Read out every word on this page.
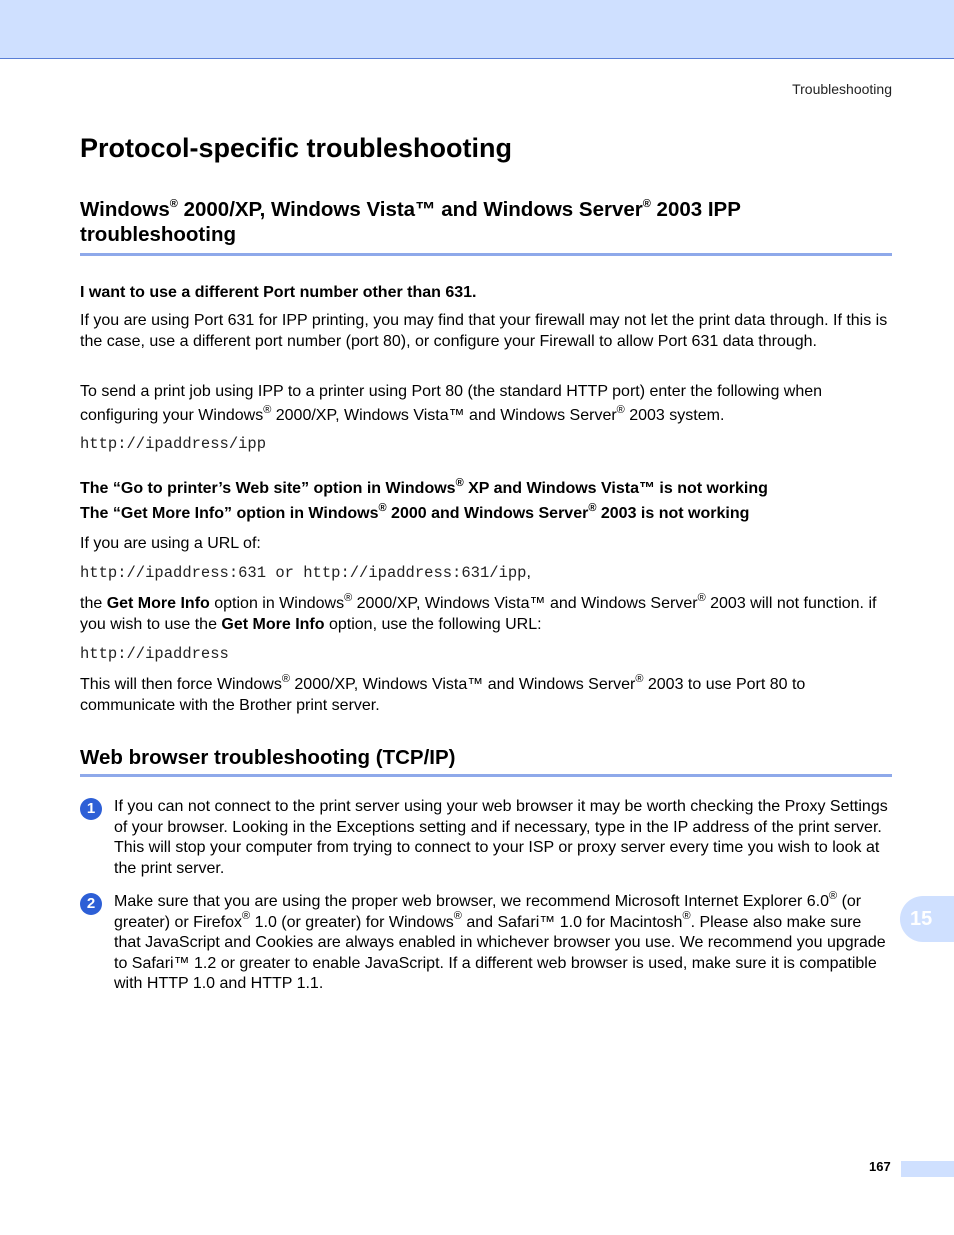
Troubleshooting
Protocol-specific troubleshooting
Windows® 2000/XP, Windows Vista™ and Windows Server® 2003 IPP troubleshooting

I want to use a different Port number other than 631.

If you are using Port 631 for IPP printing, you may find that your firewall may not let the print data through. If this is the case, use a different port number (port 80), or configure your Firewall to allow Port 631 data through.

To send a print job using IPP to a printer using Port 80 (the standard HTTP port) enter the following when configuring your Windows® 2000/XP, Windows Vista™ and Windows Server® 2003 system.

http://ipaddress/ipp

The “Go to printer’s Web site” option in Windows® XP and Windows Vista™ is not working

The “Get More Info” option in Windows® 2000 and Windows Server® 2003 is not working

If you are using a URL of:

http://ipaddress:631 or http://ipaddress:631/ipp,

the Get More Info option in Windows® 2000/XP, Windows Vista™ and Windows Server® 2003 will not function. if you wish to use the Get More Info option, use the following URL:

http://ipaddress

This will then force Windows® 2000/XP, Windows Vista™ and Windows Server® 2003 to use Port 80 to communicate with the Brother print server.

Web browser troubleshooting (TCP/IP)
1	If you can not connect to the print server using your web browser it may be worth checking the Proxy Settings of your browser. Looking in the Exceptions setting and if necessary, type in the IP address of the print server. This will stop your computer from trying to connect to your ISP or proxy server every time you wish to look at the print server.

2	Make sure that you are using the proper web browser, we recommend Microsoft Internet Explorer 6.0® (or greater) or Firefox® 1.0 (or greater) for Windows® and Safari™ 1.0 for Macintosh®. Please also make sure that JavaScript and Cookies are always enabled in whichever browser you use. We recommend you upgrade to Safari™ 1.2 or greater to enable JavaScript. If a different web browser is used, make sure it is compatible with HTTP 1.0 and HTTP 1.1.

15
167
